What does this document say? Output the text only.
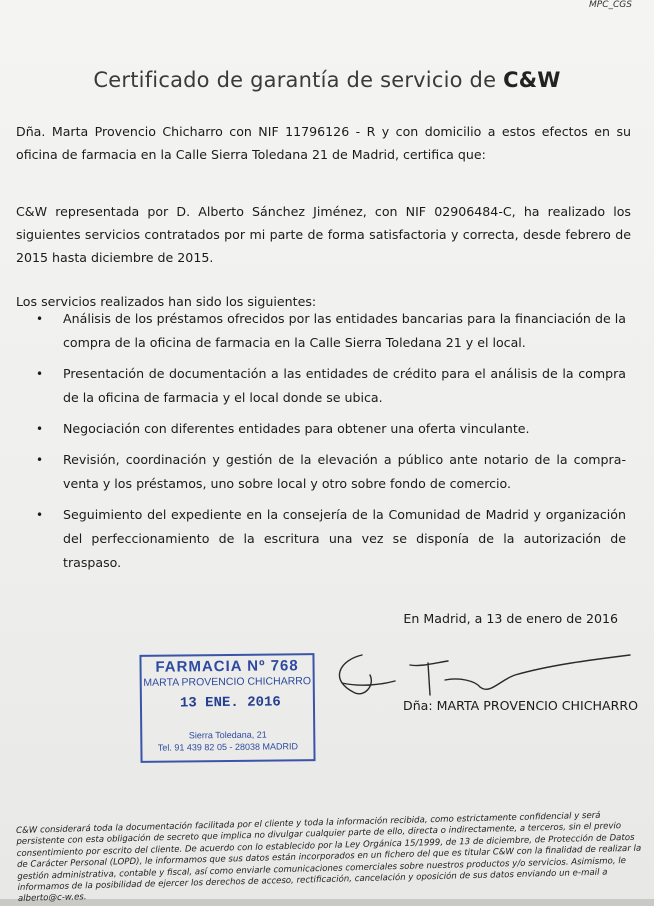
MPC_CGS
Certificado de garantía de servicio de C&W
Dña. Marta Provencio Chicharro con NIF 11796126 - R y con domicilio a estos efectos en su oficina de farmacia en la Calle Sierra Toledana 21 de Madrid, certifica que:
C&W representada por D. Alberto Sánchez Jiménez, con NIF 02906484-C, ha realizado los siguientes servicios contratados por mi parte de forma satisfactoria y correcta, desde febrero de 2015 hasta diciembre de 2015.
Los servicios realizados han sido los siguientes:
• Análisis de los préstamos ofrecidos por las entidades bancarias para la financiación de la compra de la oficina de farmacia en la Calle Sierra Toledana 21 y el local.
• Presentación de documentación a las entidades de crédito para el análisis de la compra de la oficina de farmacia y el local donde se ubica.
• Negociación con diferentes entidades para obtener una oferta vinculante.
• Revisión, coordinación y gestión de la elevación a público ante notario de la compra-venta y los préstamos, uno sobre local y otro sobre fondo de comercio.
• Seguimiento del expediente en la consejería de la Comunidad de Madrid y organización del perfeccionamiento de la escritura una vez se disponía de la autorización de traspaso.
En Madrid, a 13 de enero de 2016
FARMACIA Nº 768
MARTA PROVENCIO CHICHARRO
13 ENE. 2016
Sierra Toledana, 21
Tel. 91 439 82 05 - 28038 MADRID
Dña: MARTA PROVENCIO CHICHARRO
C&W considerará toda la documentación facilitada por el cliente y toda la información recibida, como estrictamente confidencial y será persistente con esta obligación de secreto que implica no divulgar cualquier parte de ello, directa o indirectamente, a terceros, sin el previo consentimiento por escrito del cliente. De acuerdo con lo establecido por la Ley Orgánica 15/1999, de 13 de diciembre, de Protección de Datos de Carácter Personal (LOPD), le informamos que sus datos están incorporados en un fichero del que es titular C&W con la finalidad de realizar la gestión administrativa, contable y fiscal, así como enviarle comunicaciones comerciales sobre nuestros productos y/o servicios. Asimismo, le informamos de la posibilidad de ejercer los derechos de acceso, rectificación, cancelación y oposición de sus datos enviando un e-mail a alberto@c-w.es.
